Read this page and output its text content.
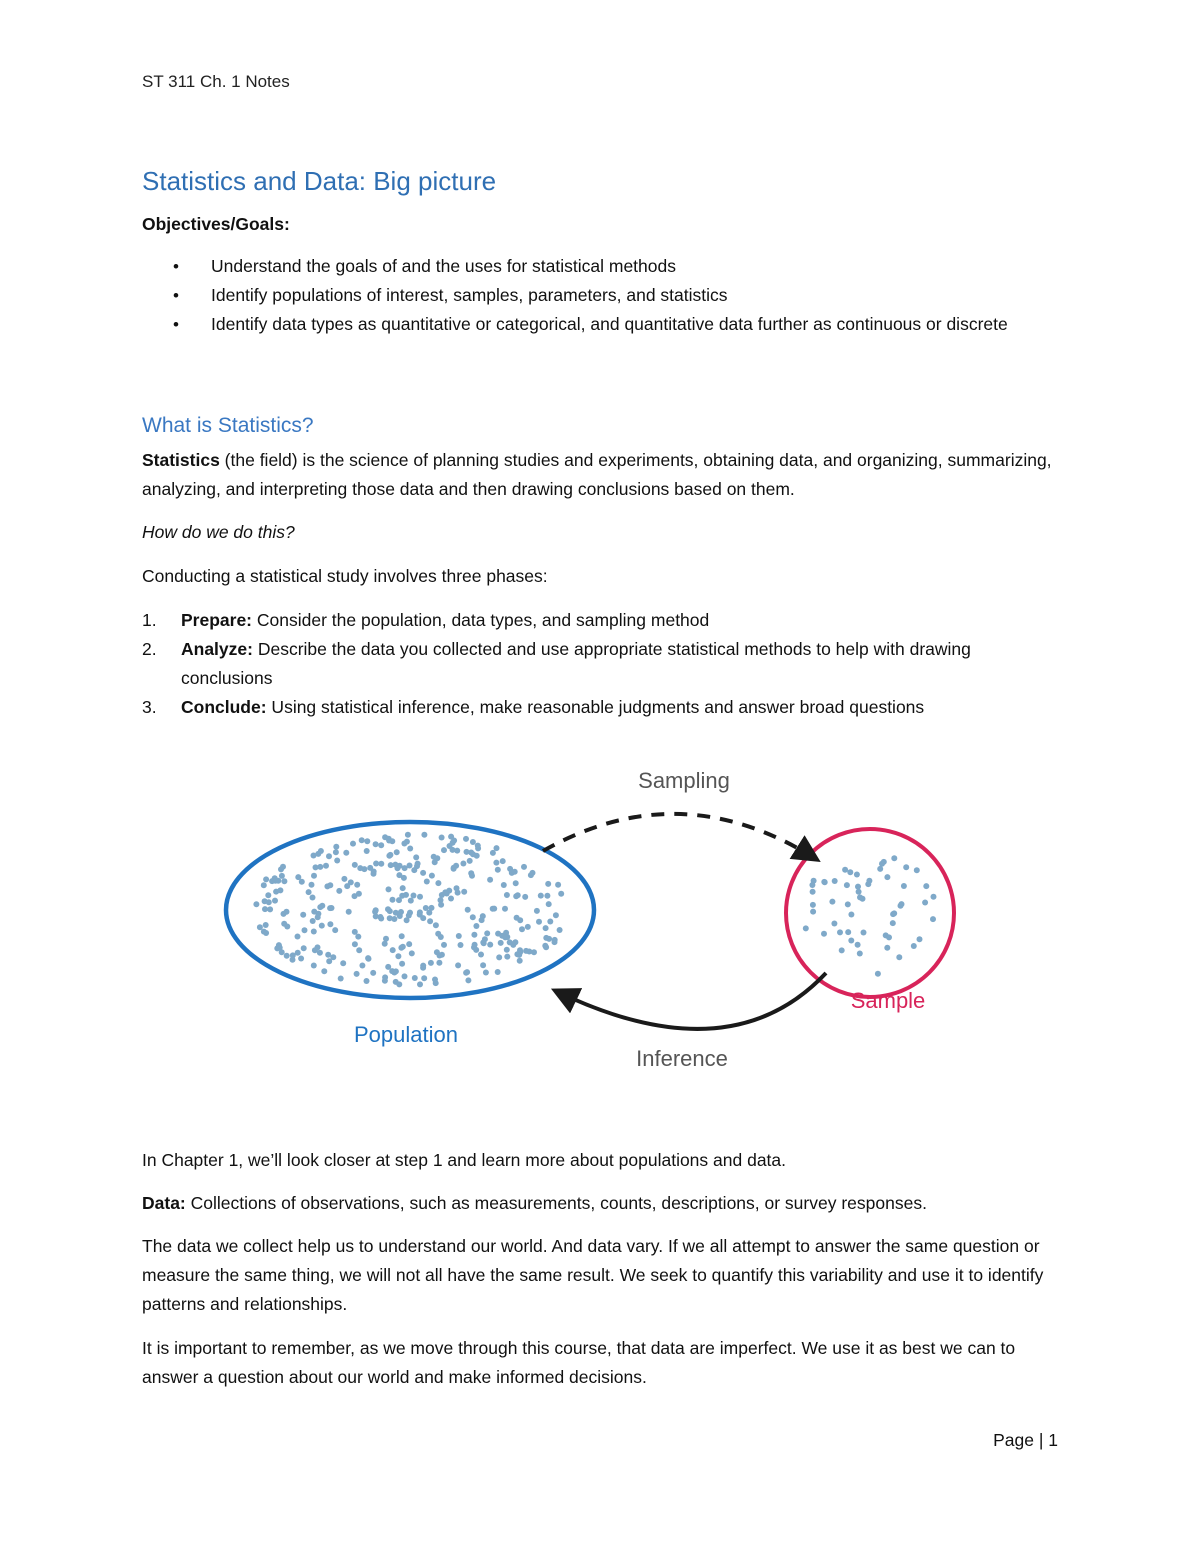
ST 311 Ch. 1 Notes
Statistics and Data: Big picture
Objectives/Goals:
• Understand the goals of and the uses for statistical methods
• Identify populations of interest, samples, parameters, and statistics
• Identify data types as quantitative or categorical, and quantitative data further as continuous or discrete
What is Statistics?
Statistics (the field) is the science of planning studies and experiments, obtaining data, and organizing, summarizing, analyzing, and interpreting those data and then drawing conclusions based on them.
How do we do this?
Conducting a statistical study involves three phases:
1. Prepare: Consider the population, data types, and sampling method
2. Analyze: Describe the data you collected and use appropriate statistical methods to help with drawing conclusions
3. Conclude: Using statistical inference, make reasonable judgments and answer broad questions
Sampling
Inference
Population
Sample
In Chapter 1, we’ll look closer at step 1 and learn more about populations and data.
Data: Collections of observations, such as measurements, counts, descriptions, or survey responses.
The data we collect help us to understand our world. And data vary. If we all attempt to answer the same question or measure the same thing, we will not all have the same result. We seek to quantify this variability and use it to identify patterns and relationships.
It is important to remember, as we move through this course, that data are imperfect. We use it as best we can to answer a question about our world and make informed decisions.
Page | 1
